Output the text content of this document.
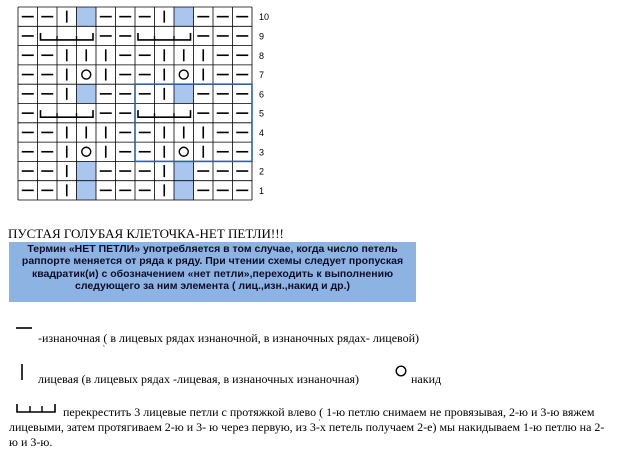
10
9
8
7
6
5
4
3
2
1
ПУСТАЯ ГОЛУБАЯ КЛЕТОЧКА-НЕТ ПЕТЛИ!!!
Термин «НЕТ ПЕТЛИ» употребляется в том случае, когда число петель
раппорте меняется от ряда к ряду. При чтении схемы следует пропуская
квадратик(и) с обозначением «нет петли»,переходить к выполнению
следующего за ним элемента ( лиц.,изн.,накид и др.)
-изнаночная ( в лицевых рядах изнаночной, в изнаночных рядах- лицевой)
лицевая (в лицевых рядах -лицевая, в изнаночных изнаночная)	накид
перекрестить 3 лицевые петли с протяжкой влево ( 1-ю петлю снимаем не провязывая, 2-ю и 3-ю вяжем лицевыми, затем протягиваем 2-ю и 3- ю через первую, из 3-х петель получаем 2-е) мы накидываем 1-ю петлю на 2-ю и 3-ю.
